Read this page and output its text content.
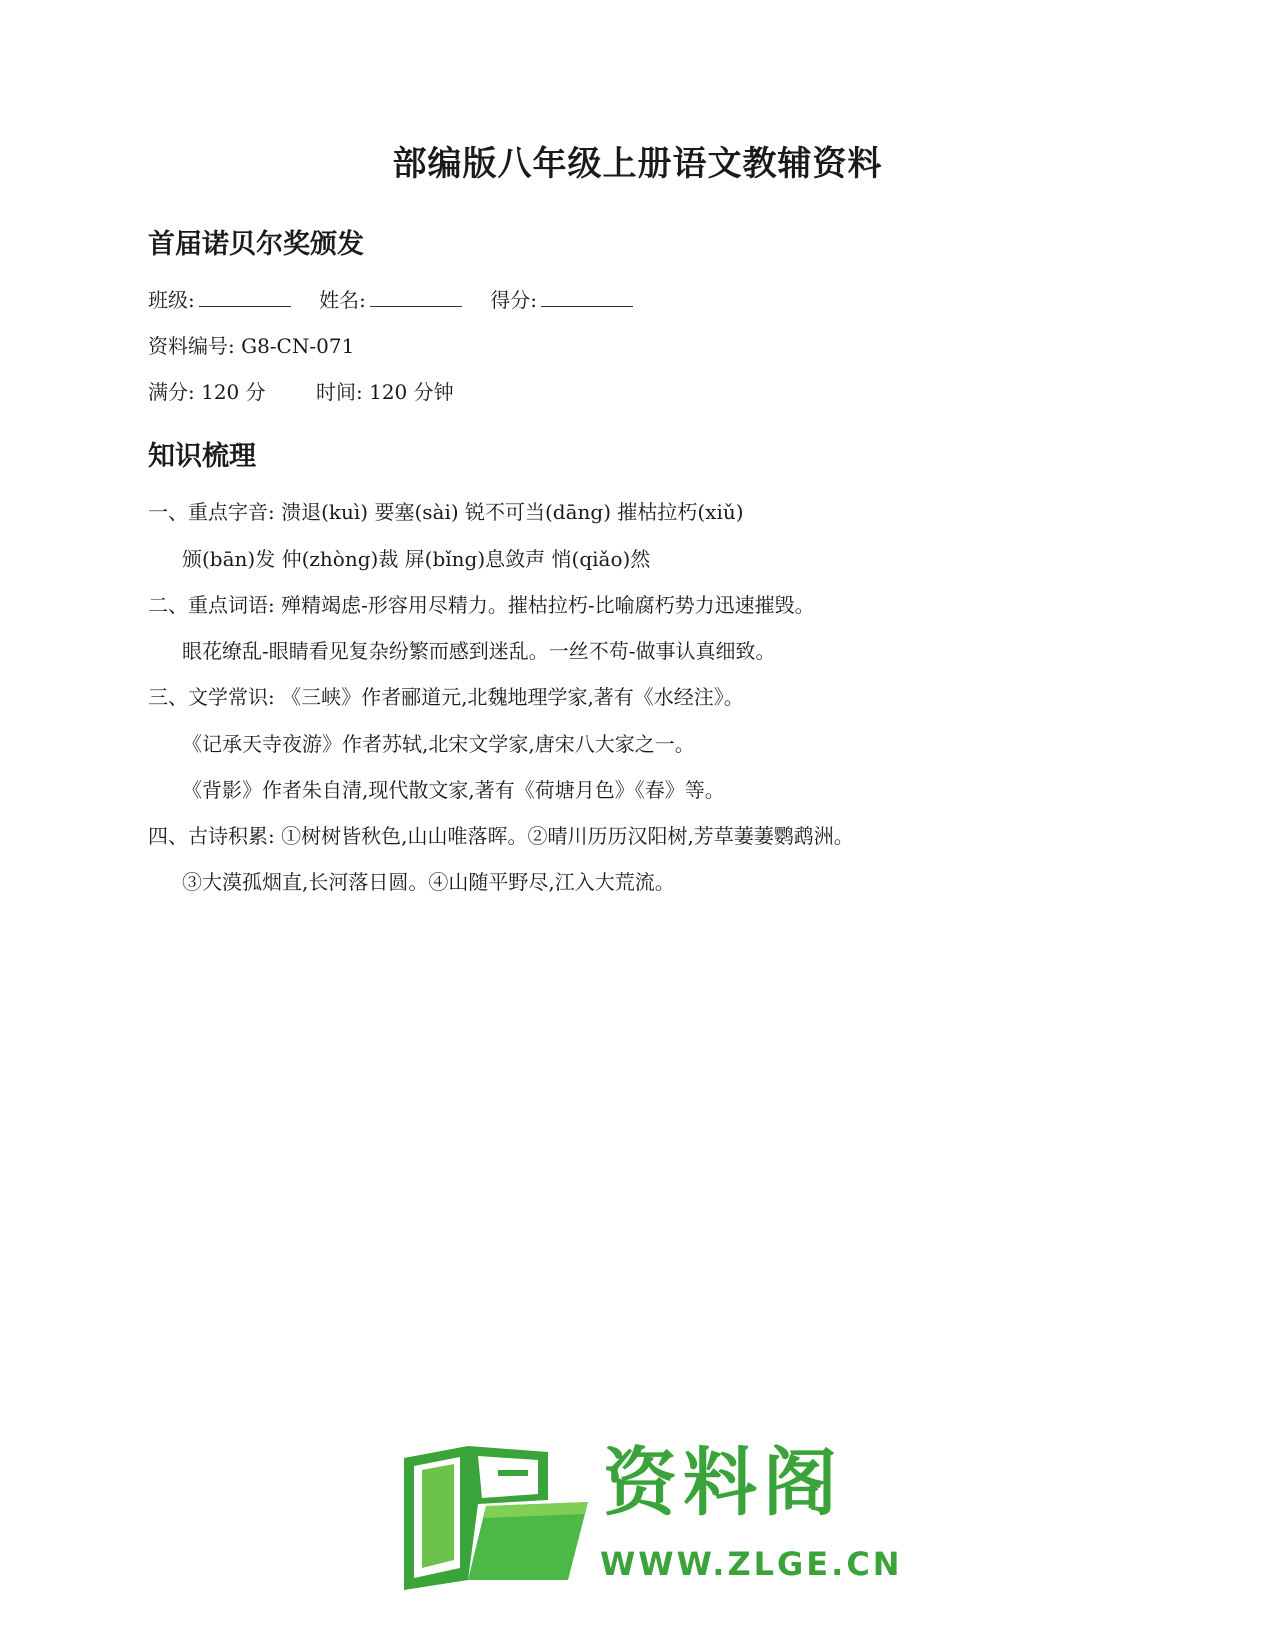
部编版八年级上册语文教辅资料
首届诺贝尔奖颁发
班级:	姓名:	得分:
资料编号: G8-CN-071
满分: 120 分	时间: 120 分钟
知识梳理
一、重点字音: 溃退(kuì) 要塞(sài) 锐不可当(dāng) 摧枯拉朽(xiǔ)
颁(bān)发 仲(zhòng)裁 屏(bǐng)息敛声 悄(qiǎo)然
二、重点词语: 殚精竭虑-形容用尽精力。摧枯拉朽-比喻腐朽势力迅速摧毁。
眼花缭乱-眼睛看见复杂纷繁而感到迷乱。一丝不苟-做事认真细致。
三、文学常识: 《三峡》作者郦道元,北魏地理学家,著有《水经注》。
《记承天寺夜游》作者苏轼,北宋文学家,唐宋八大家之一。
《背影》作者朱自清,现代散文家,著有《荷塘月色》《春》等。
四、古诗积累: ①树树皆秋色,山山唯落晖。②晴川历历汉阳树,芳草萋萋鹦鹉洲。
③大漠孤烟直,长河落日圆。④山随平野尽,江入大荒流。
资料阁
WWW.ZLGE.CN
